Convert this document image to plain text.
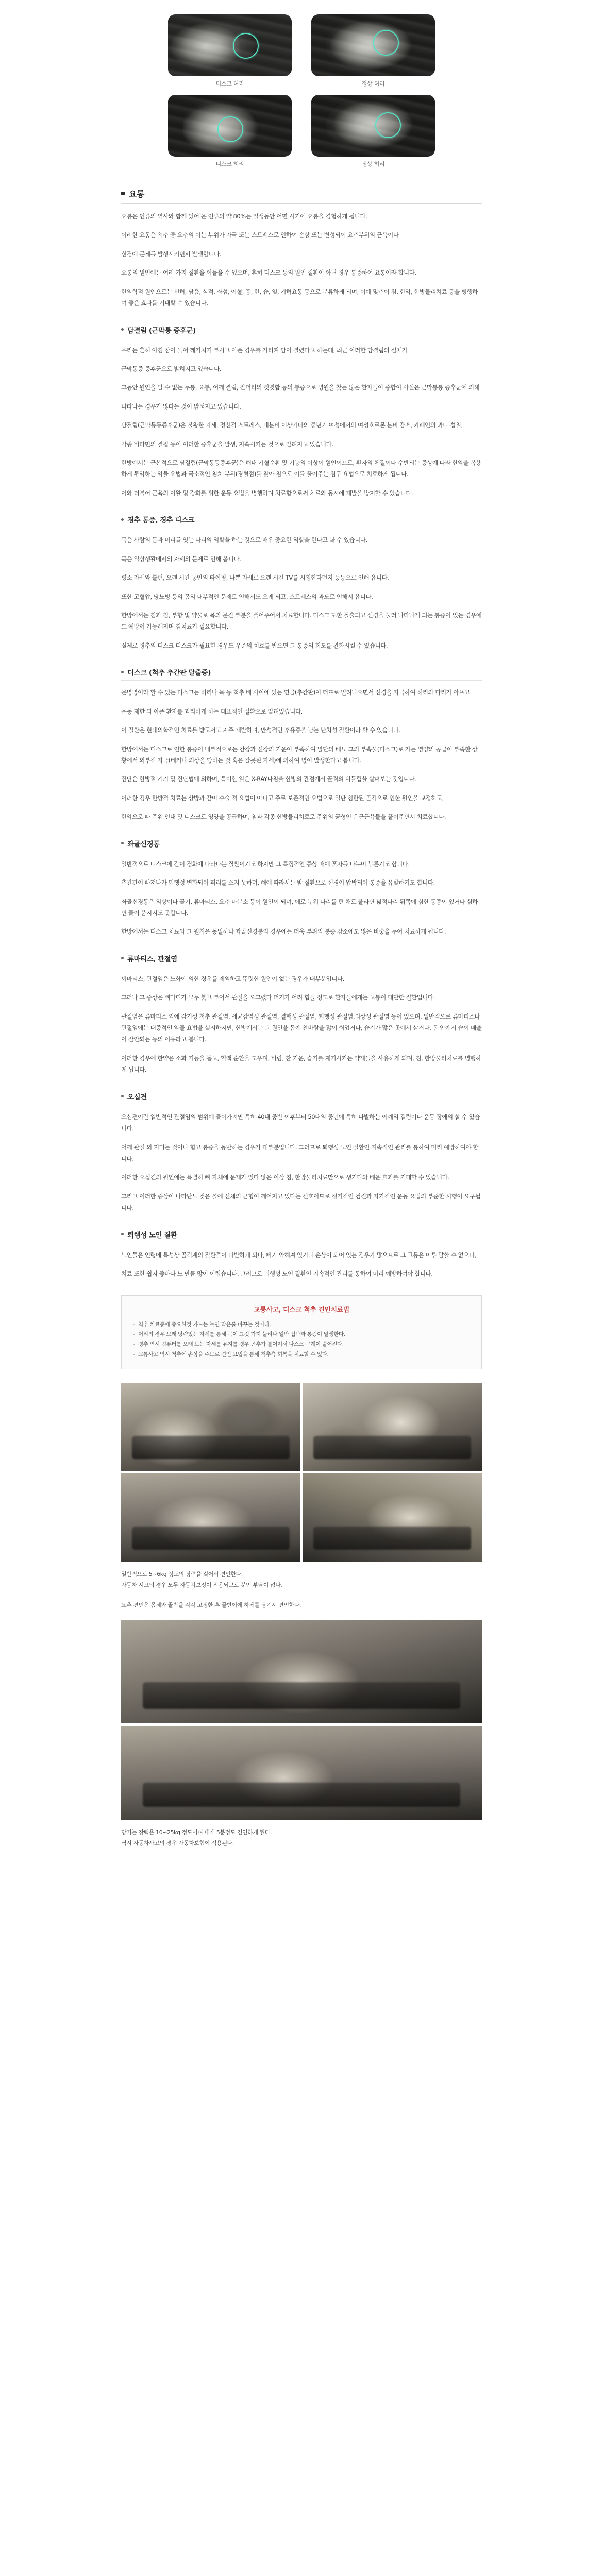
디스크 허리	정상 허리
디스크 허리	정상 허리
요통

요통은 인류의 역사와 함께 있어 온 인류의 약 80%는 일생동안 어면 시기에 요통을 경험하게 됩니다.

이러한 요통은 척추 중 요추의 이는 부위가 자극 또는 스트레스로 인하여 손상 또는 변성되어 요추부위의 근육이나

신경에 문제를 발생시키면서 발생합니다.

요통의 원인에는 여러 가지 질환을 이들을 수 있으며, 흔히 디스크 등의 원인 질환이 아닌 경우 통증하여 요통이라 합니다.

한의학적 원인으로는 신허, 담음, 식적, 좌섬, 어혈, 풍, 한, 습, 열, 기허요통 등으로 분류하게 되며, 이에 맞추어 침, 한약, 한방물리치료 등을 병행하여 좋은 효과를 기대할 수 있습니다.

담결림 (근막통 증후군)

우리는 흔히 아침 잠이 들어 깨기처기 부시고 아픈 경우를 가리켜 담이 결렸다고 하는데, 최근 이러한 담결림의 실체가

근막통증 증후군으로 밝혀지고 있습니다.

그동안 원인을 알 수 없는 두통, 요통, 어깨 결림, 팔머리의 뻣뻣함 등의 통증으로 병원을 찾는 많은 환자들이 종합이 사실은 근막통통 증후군에 의해

나타나는 경우가 많다는 것이 밝혀지고 있습니다.

담결림(근막통통증후군)은 불왕한 자세, 정신적 스트레스, 내분비 이상기타의 중년기 여성에서의 여성호르몬 분비 감소, 카페인의 과다 섭취,

각종 비타민의 결핍 등이 이러한 증후군을 발생, 지속시키는 것으로 알려지고 있습니다.

한방에서는 근본적으로 담결림(근막통통증후군)은 해내 기혈순환 및 기능의 이상이 원인이므로, 환자의 체질이나 수반되는 증상에 따라 한약을 복용하게 투약하는 약물 요법과 국소적인 침치 부위(경혈점)를 찾아 침으로 이를 풀어주는 침구 요법으로 치료하게 됩니다.

이와 더불어 근육의 이완 및 강화를 위한 운동 요법을 병행하며 치료함으로써 치료와 동시에 재발을 방지할 수 있습니다.

경추 통증, 경추 디스크

목은 사람의 몸과 머리를 잇는 다리의 역할을 하는 것으로 매우 중요한 역할을 한다고 볼 수 있습니다.

목은 일상생활에서의 자세의 문제로 인해 옵니다.

평소 자세와 불편, 오랜 시간 동안의 타이핑, 나쁜 자세로 오랜 시간 TV를 시청한다던지 등등으로 인해 옵니다.

또한 고혈압, 당뇨병 등의 몸의 내부적인 문제로 인해서도 오게 되고, 스트레스의 과도로 인해서 옵니다.

한방에서는 침과 침, 부항 및 약물로 목의 문진 부분을 풀어주어서 치료합니다. 디스크 또한 돌출되고 신경을 눌러 나타나게 되는 통증이 있는 경우에도 예방이 가능해지며 침치료가 필요합니다.

실제로 경추의 디스크 디스크가 필요한 경우도 우준의 치료를 받으면 그 통증의 희도를 완화시킬 수 있습니다.

디스크 (척추 추간판 탈출증)

문명병이라 할 수 있는 디스크는 허리나 목 등 척추 배 사이에 있는 연골(추간판)이 터뜨로 밀려나오면서 신경을 자극하여 허리와 다리가 아프고

운동 제한 과 아픈 환자를 괴리하게 하는 대표적인 질환으로 알려있습니다.

이 질환은 현대의학적인 치료를 받고서도 자주 재발하며, 만성적인 후유증을 남는 난치성 질환이라 할 수 있습니다.

한방에서는 디스크로 인한 통증이 내부적으로는 간장과 신장의 기운이 부족하여 말단의 배뇨 그의 부속물(디스크)로 가는 영양의 공급이 부족한 상황에서 외부적 자극(베키나 외상을 당하는 것 혹은 잘못된 자세)에 의하여 병이 발생한다고 봅니다.

진단은 한방적 기기 및 진단법에 의하며, 특이한 일은 X-RAY나침을 한방의 관점에서 골격의 비틀림을 살펴보는 것입니다.

이러한 경우 한방적 치료는 상방과 같이 수술 적 요법이 아니고 주로 보존적인 요법으로 일단 침한된 골격으로 인한 원인을 교정하고,

한약으로 빠 주위 인대 및 디스크로 영양을 공급하며, 침과 각종 한방물리치료로 주위의 균형인 온근근육들을 풀어주면서 치료합니다.

좌골신경통

일반적으로 디스크에 같이 경화에 나타나는 질환이기도 하지만 그 특징적인 증상 때에 혼자를 나누어 부른기도 합니다.

추간판이 빠져나가 퇴행성 변화되어 퍼리를 쓰지 못하며, 해에 따라서는 밤 질환으로 신경이 압박되어 통증을 유발하기도 합니다.

좌골신경통은 의상이나 골기, 류마티스, 요추 마분소 등이 원인이 되며, 에로 누워 다리를 편 채로 올라면 넓적다리 뒤쪽에 심한 통증이 있거나 심하면 물어 움지지도 못합니다.

한방에서는 디스크 치료와 그 원칙은 동일하나 좌골신경통의 경우에는 더욱 부위의 통증 감소에도 많은 비중을 두어 치료하게 됩니다.

류마티스, 관절염

퇴마티스, 관절염은 노화에 의한 경우를 제외하고 뚜렷한 원인이 없는 경우가 대부분입니다.

그러나 그 증상은 뼈마디가 모두 붓고 부어서 관절을 오그렸다 퍼기가 어려 힘들 정도로 환자들에게는 고통이 대단한 질환입니다.

관절염은 류마티스 외에 감기성 척추 관절염, 세균감염성 관절염, 결핵성 관절염, 퇴행성 관절염,외상성 관절염 등이 있으며, 일반적으로 류마티스나 관절염에는 대증적인 약물 요법을 실시하지만, 한방에서는 그 원인을 몸에 찬바람을 많이 쐬었거나, 습기가 많은 곳에서 살거나, 몸 안에서 습이 배출이 잘안되는 등의 이유라고 봅니다.

이러한 경우에 한약은 소화 기능을 돕고, 혈액 순환을 도우며, 바람, 찬 기운, 습기를 제거시키는 약제들을 사용하게 되며, 침, 한방물리치료를 병행하게 됩니다.

오십견

오십견이란 일반적인 관절염의 범위에 들어가지만 특히 40대 중반 이후부터 50대의 중년에 특히 다발하는 어깨의 결림이나 운동 장애의 할 수 있습니다.

어깨 관절 외 저미는 것이나 힘고 통증을 동반하는 경우가 대부분입니다. 그러므로 퇴행성 노인 질환인 지속적인 관리를 통하여 미리 예방하여야 합니다.

이러한 오십견의 원인에는 특별히 뼈 자체에 문제가 있다 않은 이상 침, 한방물리치료만으로 생기다와 배운 효과를 기대할 수 있습니다.

그리고 이러한 증상이 나타난느 것은 몰에 신체의 균형이 깨어지고 있다는 신호이므로 정기적인 검진과 자가적인 운동 요법의 부준한 시행이 요구됩니다.

퇴행성 노인 질환

노인들은 연령에 특성상 골격계의 질환들이 다발하게 되나, 빠가 약해져 있거나 손상이 되어 있는 경우가 많으므로 그 고통은 이루 말할 수 없으나,

치료 또한 쉽지 좋바다 느 만큼 많이 어렵습니다. 그러므로 퇴행성 노인 질환인 지속적인 관리를 통하여 미리 예방하여야 합니다.

교통사고, 디스크 척추 견인치료법
- 척추 치료중에 중요한것 가느는 놀인 작은룰 바꾸는 것이다.
- 머리의 경우 모래 당략있는 자세를 통해 목이 그것 가지 눌리나 일반 집단과 통증이 말생한다.
- 경추 역시 컴퓨터를 오래 보는 자세를 유지를 경우 곧추가 틀어져서 나스크 근계이 줄어진다.
- 교통사고 역시 척추에 손상을 주므로 견인 요법을 통해 척추측 회복을 치료할 수 있다.
일반적으로 5~6kg 정도의 장력을 걸어서 견인한다.
자동차 시고의 경우 모두 자동치보정이 적용되므로 분인 부담이 없다.
요추 견인은 몸체와 골반을 각각 고정한 후 골반이에 하체를 당겨서 견인한다.
당기는 장력은 10~25kg 정도이며 대개 5분정도 견인하게 된다.
역시 자동차사고의 경우 자동차보험이 적용된다.
